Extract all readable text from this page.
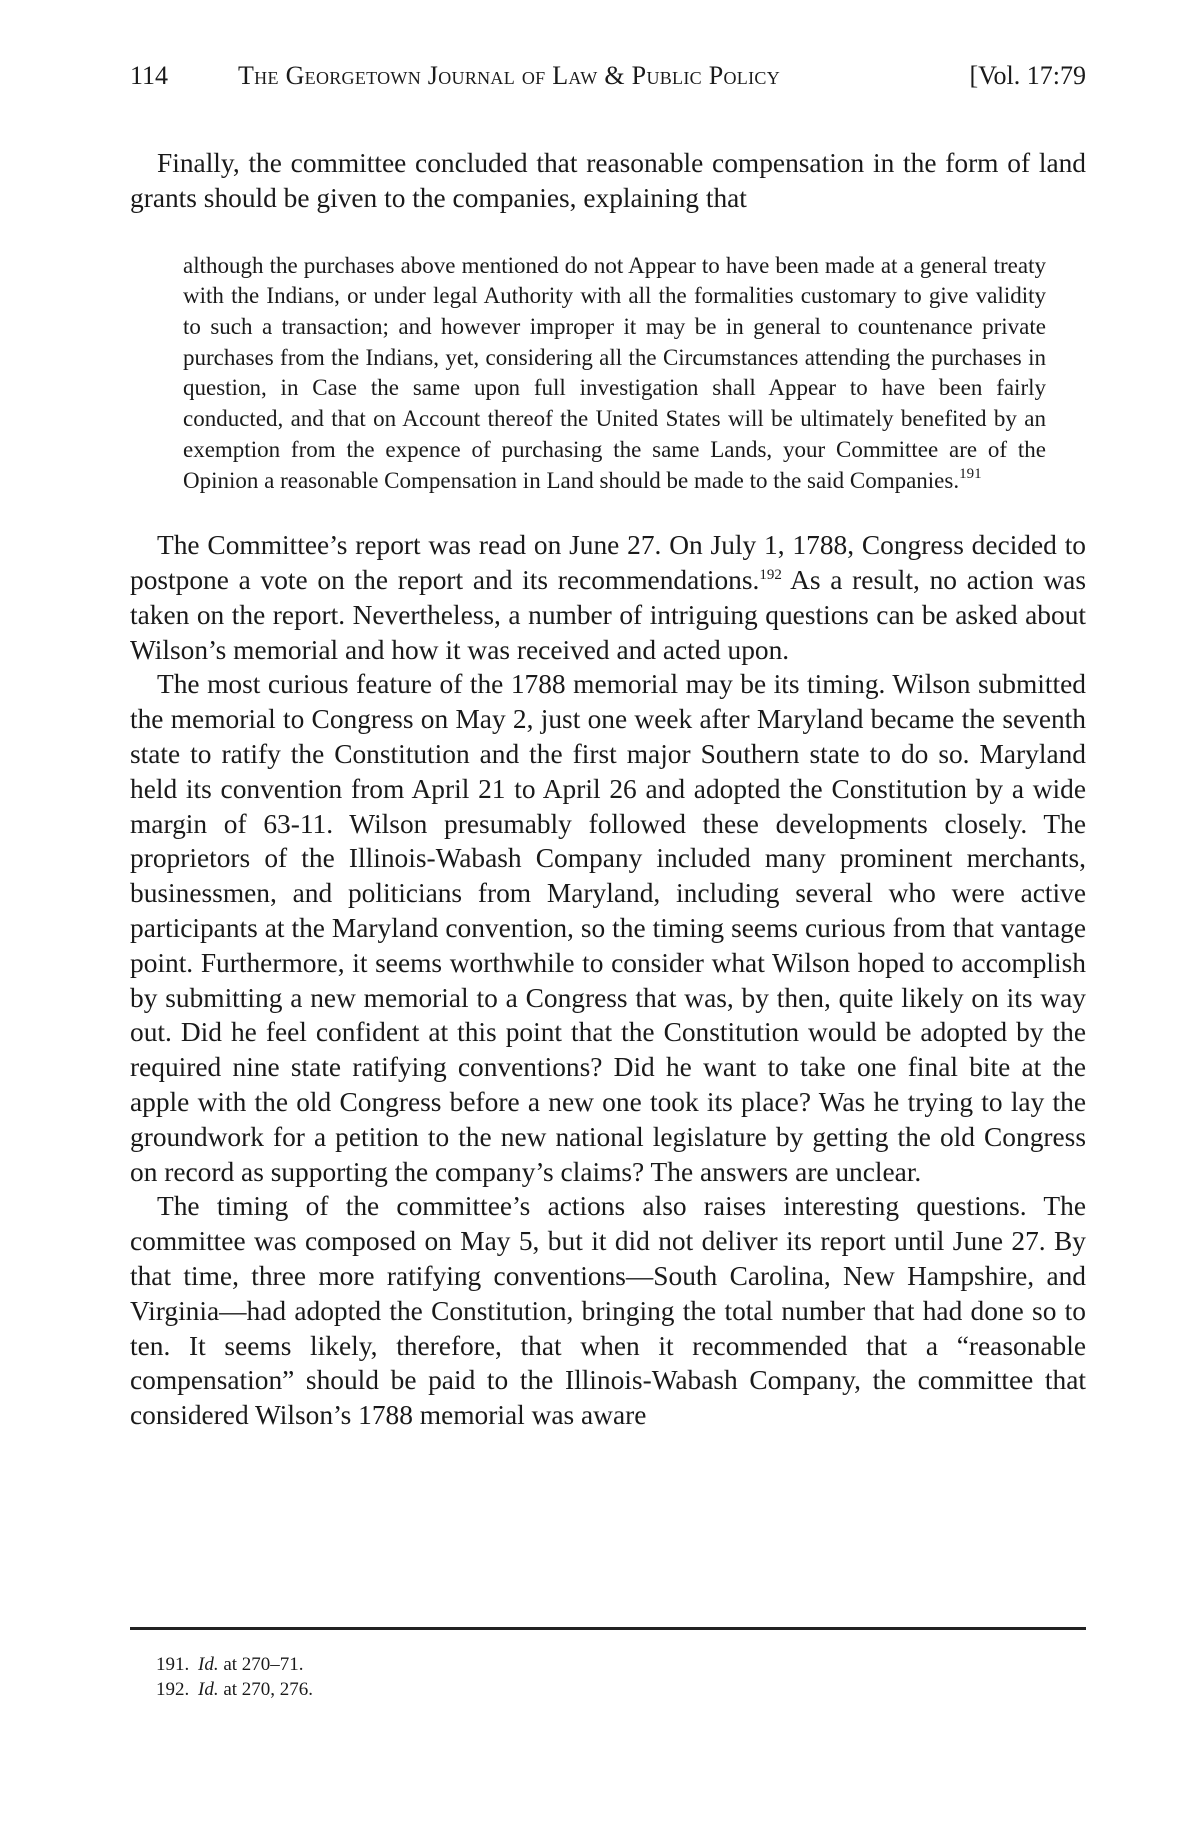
114	The Georgetown Journal of Law & Public Policy	[Vol. 17:79

Finally, the committee concluded that reasonable compensation in the form of land grants should be given to the companies, explaining that

although the purchases above mentioned do not Appear to have been made at a general treaty with the Indians, or under legal Authority with all the formalities customary to give validity to such a transaction; and however improper it may be in general to countenance private purchases from the Indians, yet, considering all the Circumstances attending the purchases in question, in Case the same upon full investigation shall Appear to have been fairly conducted, and that on Account thereof the United States will be ultimately benefited by an exemption from the expence of purchasing the same Lands, your Committee are of the Opinion a reasonable Compensation in Land should be made to the said Companies.$^{191}$

The Committee’s report was read on June 27. On July 1, 1788, Congress decided to postpone a vote on the report and its recommendations.$^{192}$ As a result, no action was taken on the report. Nevertheless, a number of intriguing questions can be asked about Wilson’s memorial and how it was received and acted upon.

The most curious feature of the 1788 memorial may be its timing. Wilson submitted the memorial to Congress on May 2, just one week after Maryland became the seventh state to ratify the Constitution and the first major Southern state to do so. Maryland held its convention from April 21 to April 26 and adopted the Constitution by a wide margin of 63-11. Wilson presumably followed these developments closely. The proprietors of the Illinois-Wabash Company included many prominent merchants, businessmen, and politicians from Maryland, including several who were active participants at the Maryland convention, so the timing seems curious from that vantage point. Furthermore, it seems worthwhile to consider what Wilson hoped to accomplish by submitting a new memorial to a Congress that was, by then, quite likely on its way out. Did he feel confident at this point that the Constitution would be adopted by the required nine state ratifying conventions? Did he want to take one final bite at the apple with the old Congress before a new one took its place? Was he trying to lay the groundwork for a petition to the new national legislature by getting the old Congress on record as supporting the company’s claims? The answers are unclear.

The timing of the committee’s actions also raises interesting questions. The committee was composed on May 5, but it did not deliver its report until June 27. By that time, three more ratifying conventions—South Carolina, New Hampshire, and Virginia—had adopted the Constitution, bringing the total number that had done so to ten. It seems likely, therefore, that when it recommended that a “reasonable compensation” should be paid to the Illinois-Wabash Company, the committee that considered Wilson’s 1788 memorial was aware

191. Id. at 270–71.
192. Id. at 270, 276.
